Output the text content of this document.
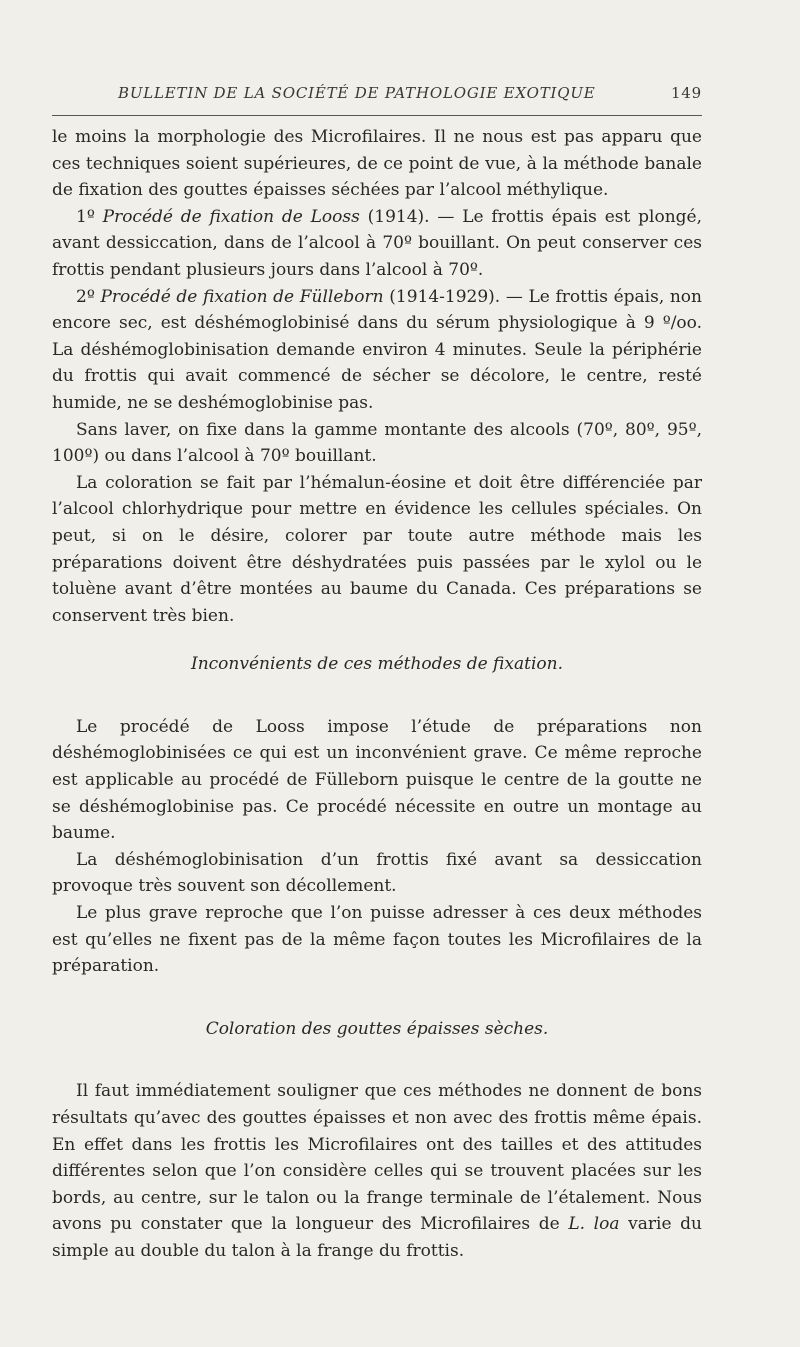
BULLETIN DE LA SOCIÉTÉ DE PATHOLOGIE EXOTIQUE	149

le moins la morphologie des Microfilaires. Il ne nous est pas apparu que ces techniques soient supérieures, de ce point de vue, à la méthode banale de fixation des gouttes épaisses séchées par l’alcool méthylique.

1º Procédé de fixation de Looss (1914). — Le frottis épais est plongé, avant dessiccation, dans de l’alcool à 70º bouillant. On peut conserver ces frottis pendant plusieurs jours dans l’alcool à 70º.

2º Procédé de fixation de Fülleborn (1914-1929). — Le frottis épais, non encore sec, est déshémoglobinisé dans du sérum physiologique à 9 º/oo. La déshémoglobinisation demande environ 4 minutes. Seule la périphérie du frottis qui avait commencé de sécher se décolore, le centre, resté humide, ne se deshémoglobinise pas.

Sans laver, on fixe dans la gamme montante des alcools (70º, 80º, 95º, 100º) ou dans l’alcool à 70º bouillant.

La coloration se fait par l’hémalun-éosine et doit être différenciée par l’alcool chlorhydrique pour mettre en évidence les cellules spéciales. On peut, si on le désire, colorer par toute autre méthode mais les préparations doivent être déshydratées puis passées par le xylol ou le toluène avant d’être montées au baume du Canada. Ces préparations se conservent très bien.

Inconvénients de ces méthodes de fixation.

Le procédé de Looss impose l’étude de préparations non déshémoglobinisées ce qui est un inconvénient grave. Ce même reproche est applicable au procédé de Fülleborn puisque le centre de la goutte ne se déshémoglobinise pas. Ce procédé nécessite en outre un montage au baume.

La déshémoglobinisation d’un frottis fixé avant sa dessiccation provoque très souvent son décollement.

Le plus grave reproche que l’on puisse adresser à ces deux méthodes est qu’elles ne fixent pas de la même façon toutes les Microfilaires de la préparation.

Coloration des gouttes épaisses sèches.

Il faut immédiatement souligner que ces méthodes ne donnent de bons résultats qu’avec des gouttes épaisses et non avec des frottis même épais. En effet dans les frottis les Microfilaires ont des tailles et des attitudes différentes selon que l’on considère celles qui se trouvent placées sur les bords, au centre, sur le talon ou la frange terminale de l’étalement. Nous avons pu constater que la longueur des Microfilaires de L. loa varie du simple au double du talon à la frange du frottis.
